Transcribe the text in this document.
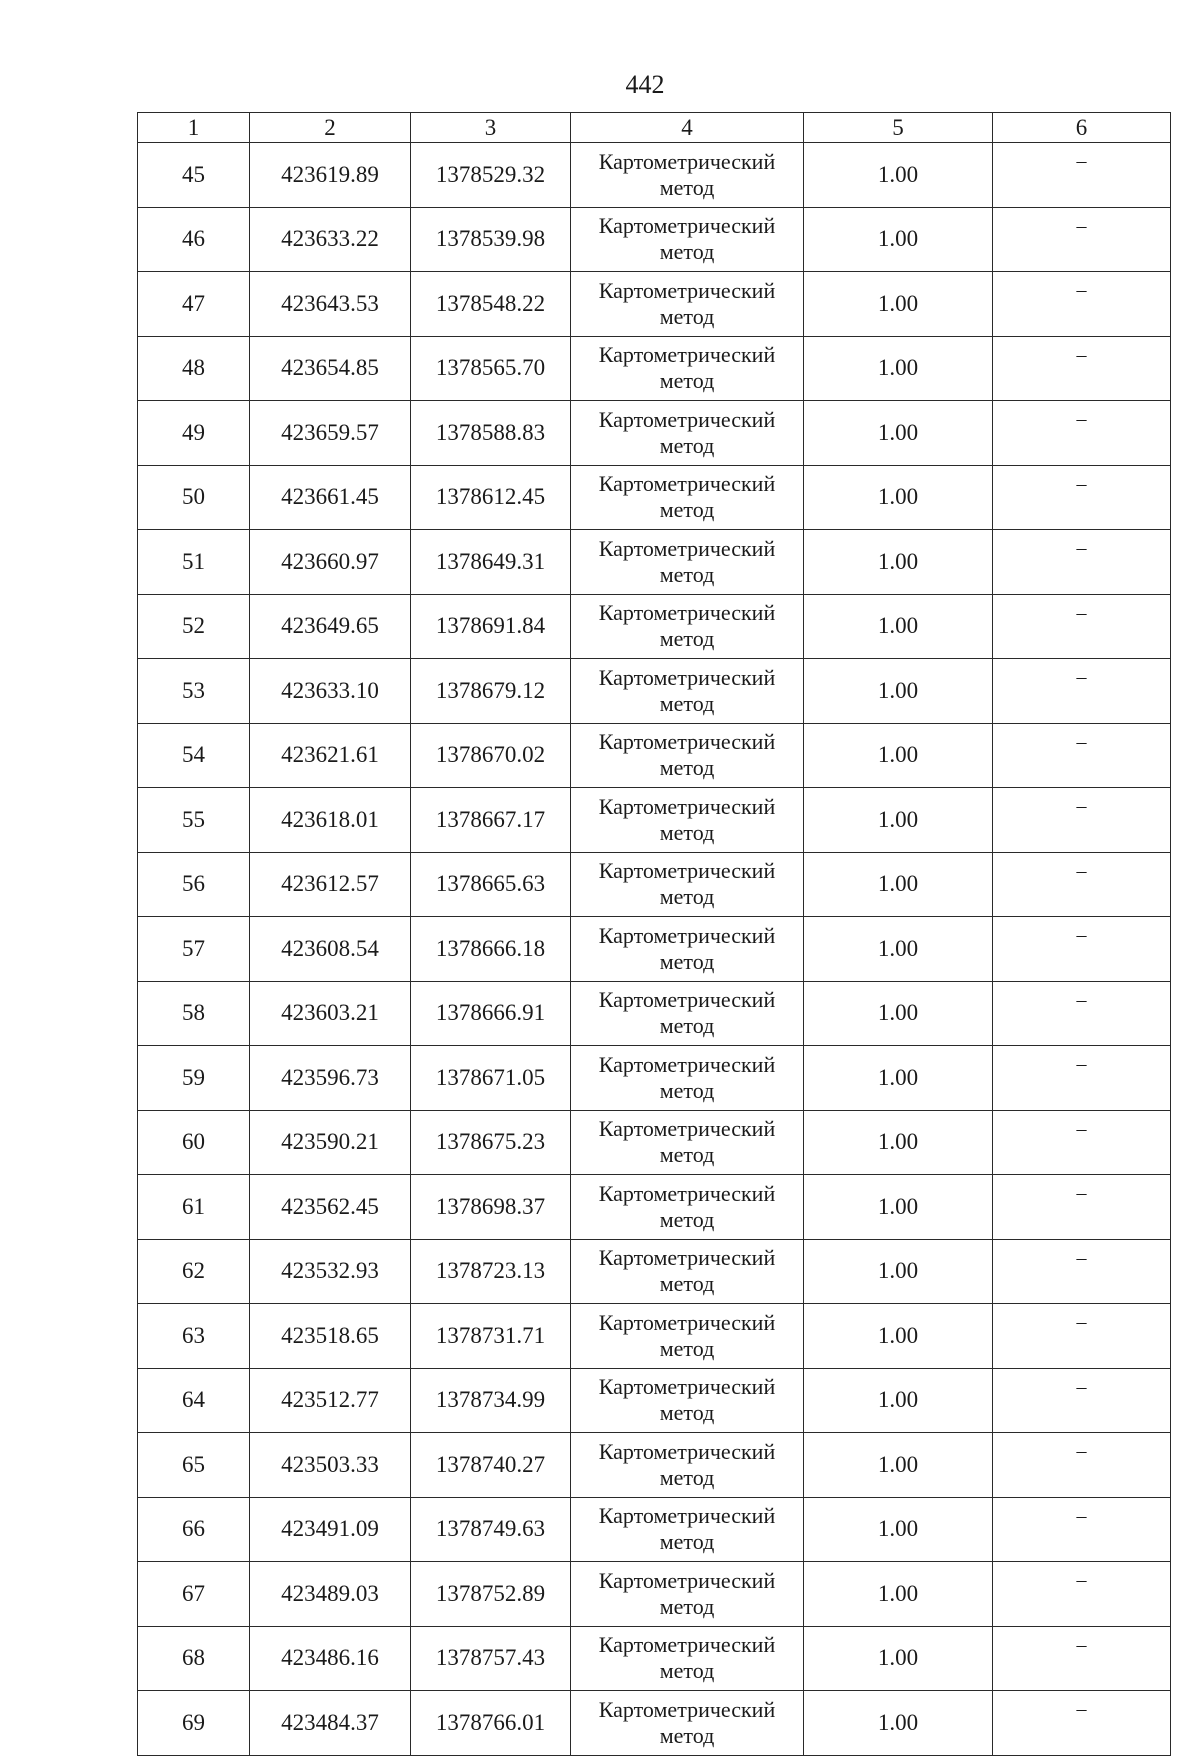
442
1	2	3	4	5	6
45	423619.89	1378529.32	Картометрический метод	1.00	–
46	423633.22	1378539.98	Картометрический метод	1.00	–
47	423643.53	1378548.22	Картометрический метод	1.00	–
48	423654.85	1378565.70	Картометрический метод	1.00	–
49	423659.57	1378588.83	Картометрический метод	1.00	–
50	423661.45	1378612.45	Картометрический метод	1.00	–
51	423660.97	1378649.31	Картометрический метод	1.00	–
52	423649.65	1378691.84	Картометрический метод	1.00	–
53	423633.10	1378679.12	Картометрический метод	1.00	–
54	423621.61	1378670.02	Картометрический метод	1.00	–
55	423618.01	1378667.17	Картометрический метод	1.00	–
56	423612.57	1378665.63	Картометрический метод	1.00	–
57	423608.54	1378666.18	Картометрический метод	1.00	–
58	423603.21	1378666.91	Картометрический метод	1.00	–
59	423596.73	1378671.05	Картометрический метод	1.00	–
60	423590.21	1378675.23	Картометрический метод	1.00	–
61	423562.45	1378698.37	Картометрический метод	1.00	–
62	423532.93	1378723.13	Картометрический метод	1.00	–
63	423518.65	1378731.71	Картометрический метод	1.00	–
64	423512.77	1378734.99	Картометрический метод	1.00	–
65	423503.33	1378740.27	Картометрический метод	1.00	–
66	423491.09	1378749.63	Картометрический метод	1.00	–
67	423489.03	1378752.89	Картометрический метод	1.00	–
68	423486.16	1378757.43	Картометрический метод	1.00	–
69	423484.37	1378766.01	Картометрический метод	1.00	–
